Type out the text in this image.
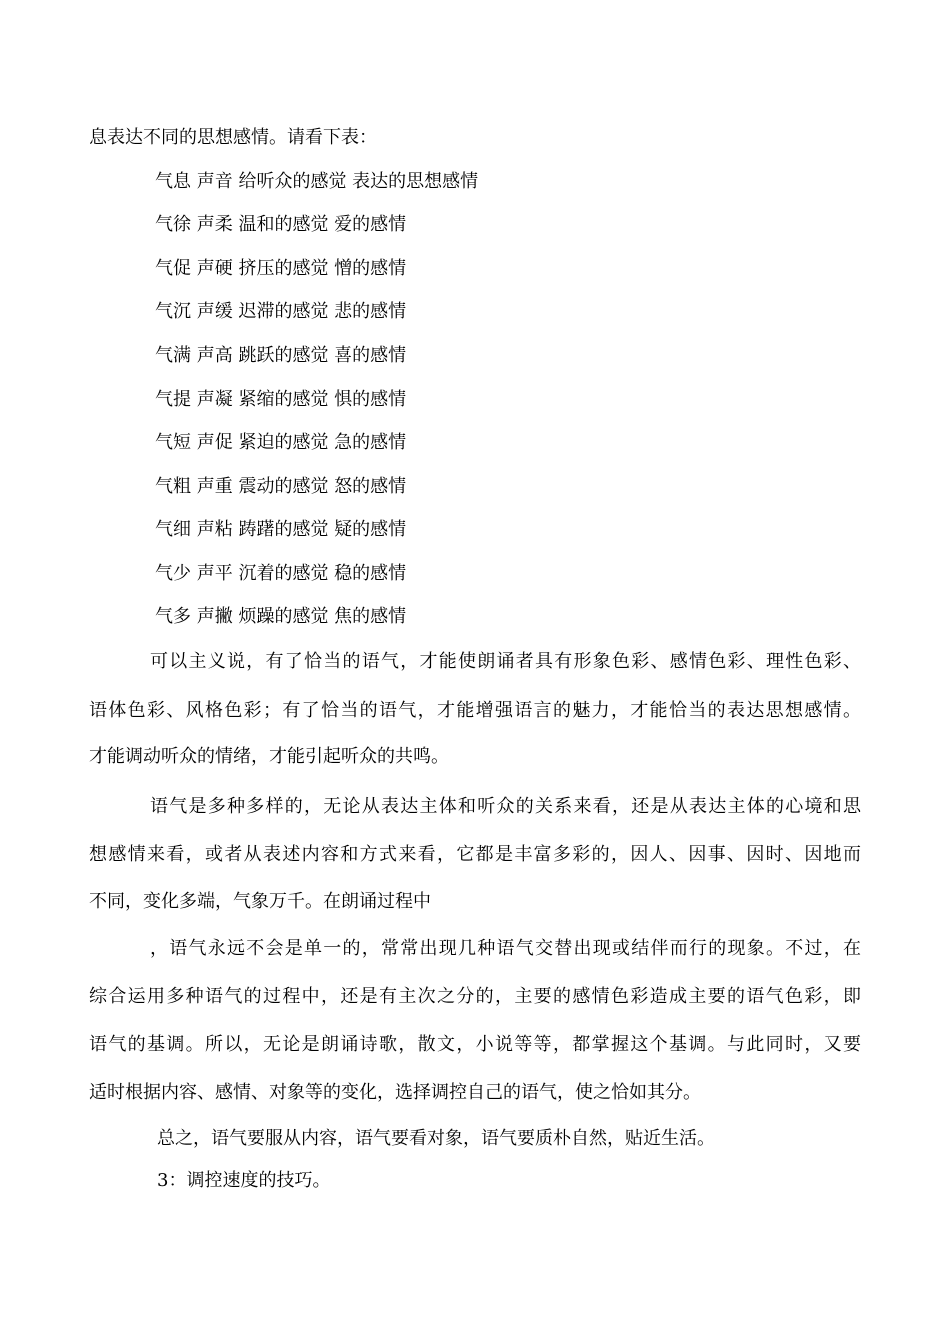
息表达不同的思想感情。请看下表：
气息 声音 给听众的感觉 表达的思想感情
气徐 声柔 温和的感觉 爱的感情
气促 声硬 挤压的感觉 憎的感情
气沉 声缓 迟滞的感觉 悲的感情
气满 声高 跳跃的感觉 喜的感情
气提 声凝 紧缩的感觉 惧的感情
气短 声促 紧迫的感觉 急的感情
气粗 声重 震动的感觉 怒的感情
气细 声粘 踌躇的感觉 疑的感情
气少 声平 沉着的感觉 稳的感情
气多 声撇 烦躁的感觉 焦的感情
可以主义说，有了恰当的语气，才能使朗诵者具有形象色彩、感情色彩、理性色彩、
语体色彩、风格色彩；有了恰当的语气，才能增强语言的魅力，才能恰当的表达思想感情。
才能调动听众的情绪，才能引起听众的共鸣。
语气是多种多样的，无论从表达主体和听众的关系来看，还是从表达主体的心境和思
想感情来看，或者从表述内容和方式来看，它都是丰富多彩的，因人、因事、因时、因地而
不同，变化多端，气象万千。在朗诵过程中
，语气永远不会是单一的，常常出现几种语气交替出现或结伴而行的现象。不过，在
综合运用多种语气的过程中，还是有主次之分的，主要的感情色彩造成主要的语气色彩，即
语气的基调。所以，无论是朗诵诗歌，散文，小说等等，都掌握这个基调。与此同时，又要
适时根据内容、感情、对象等的变化，选择调控自己的语气，使之恰如其分。
总之，语气要服从内容，语气要看对象，语气要质朴自然，贴近生活。
3：调控速度的技巧。
